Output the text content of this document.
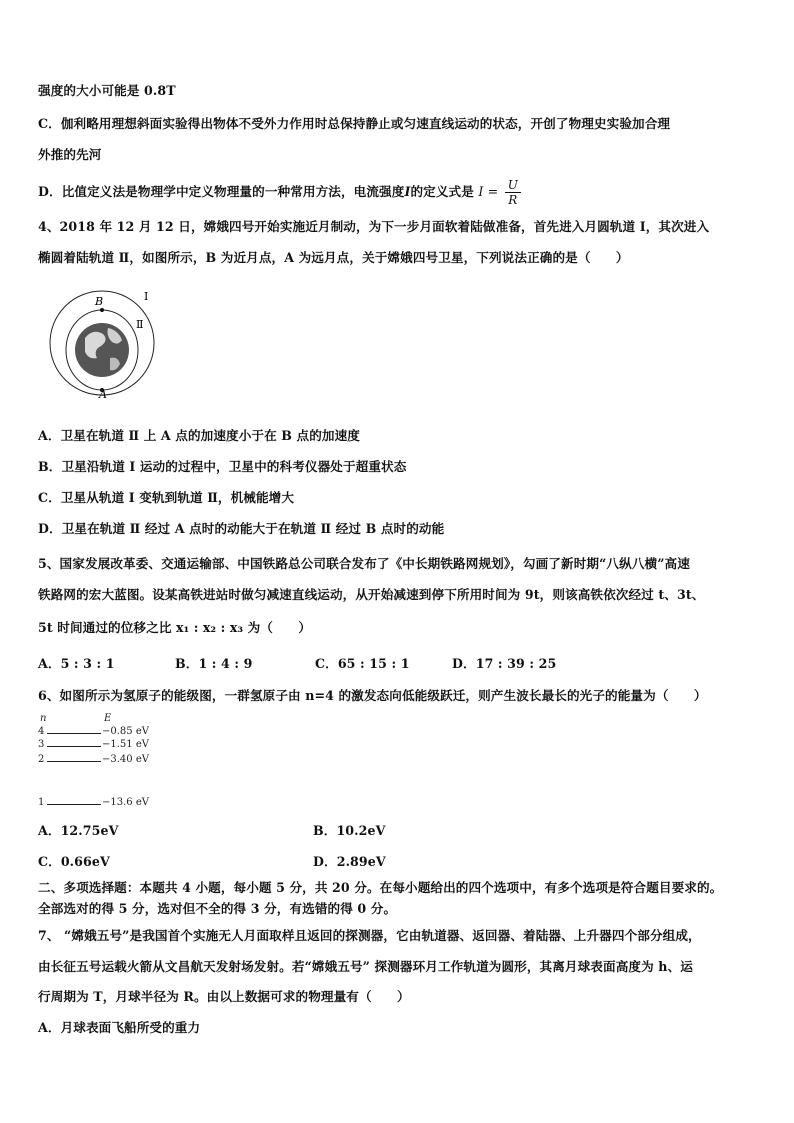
强度的大小可能是 0.8T
C．伽利略用理想斜面实验得出物体不受外力作用时总保持静止或匀速直线运动的状态，开创了物理史实验加合理
外推的先河
D．比值定义法是物理学中定义物理量的一种常用方法，电流强度I的定义式是 $I = \frac{U}{R}$
4、2018 年 12 月 12 日，嫦娥四号开始实施近月制动，为下一步月面软着陆做准备，首先进入月圆轨道 Ⅰ，其次进入
椭圆着陆轨道 Ⅱ，如图所示，B 为近月点，A 为远月点，关于嫦娥四号卫星，下列说法正确的是（　　）
B
A
Ⅰ
Ⅱ
A．卫星在轨道 Ⅱ 上 A 点的加速度小于在 B 点的加速度
B．卫星沿轨道 Ⅰ 运动的过程中，卫星中的科考仪器处于超重状态
C．卫星从轨道 Ⅰ 变轨到轨道 Ⅱ，机械能增大
D．卫星在轨道 Ⅱ 经过 A 点时的动能大于在轨道 Ⅱ 经过 B 点时的动能
5、国家发展改革委、交通运输部、中国铁路总公司联合发布了《中长期铁路网规划》，勾画了新时期“八纵八横”高速
铁路网的宏大蓝图。设某高铁进站时做匀减速直线运动，从开始减速到停下所用时间为 9t，则该高铁依次经过 t、3t、
5t 时间通过的位移之比 x₁ : x₂ : x₃ 为（　　）
A．5 : 3 : 1	B．1 : 4 : 9	C．65 : 15 : 1	D．17 : 39 : 25
6、如图所示为氢原子的能级图，一群氢原子由 n=4 的激发态向低能级跃迁，则产生波长最长的光子的能量为（　　）
n	E
4	−0.85 eV
3	−1.51 eV
2	−3.40 eV
1	−13.6 eV
A．12.75eV	B．10.2eV
C．0.66eV	D．2.89eV
二、多项选择题：本题共 4 小题，每小题 5 分，共 20 分。在每小题给出的四个选项中，有多个选项是符合题目要求的。
全部选对的得 5 分，选对但不全的得 3 分，有选错的得 0 分。
7、 “嫦娥五号”是我国首个实施无人月面取样且返回的探测器，它由轨道器、返回器、着陆器、上升器四个部分组成，
由长征五号运载火箭从文昌航天发射场发射。若“嫦娥五号” 探测器环月工作轨道为圆形，其离月球表面高度为 h、运
行周期为 T，月球半径为 R。由以上数据可求的物理量有（　　）
A．月球表面飞船所受的重力
